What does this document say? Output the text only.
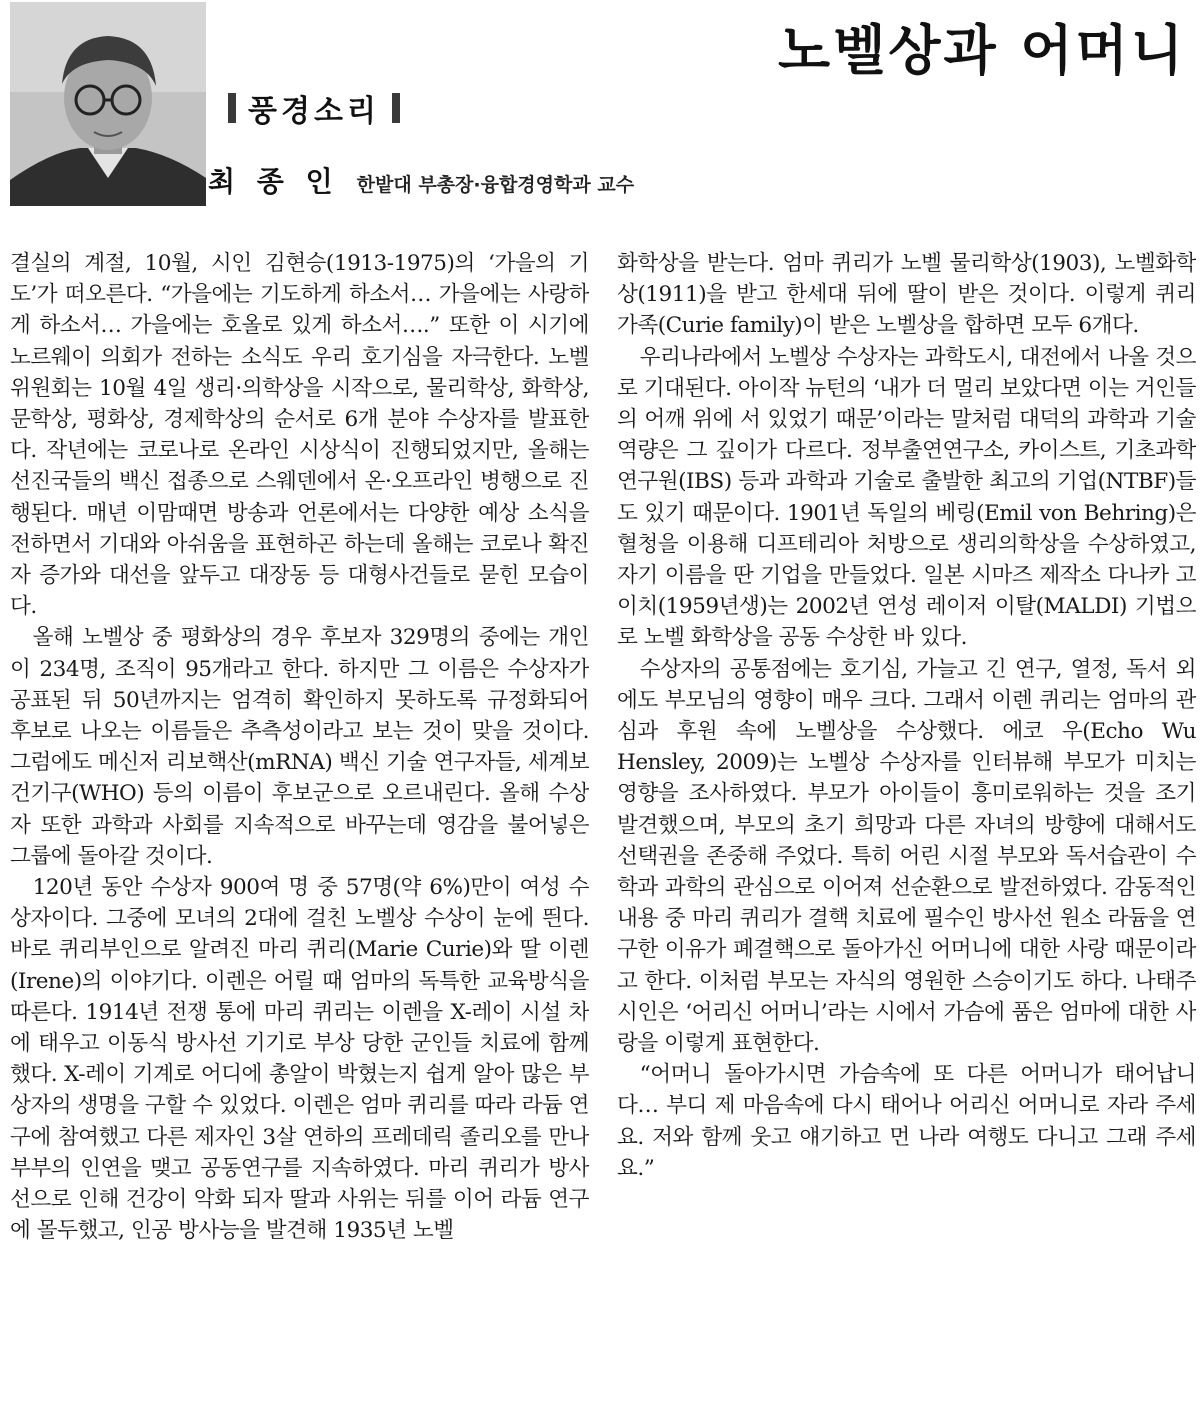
풍경소리
노벨상과 어머니
최 종 인 한밭대 부총장·융합경영학과 교수

결실의 계절, 10월, 시인 김현승(1913-1975)의 ‘가을의 기도’가 떠오른다. “가을에는 기도하게 하소서… 가을에는 사랑하게 하소서… 가을에는 호올로 있게 하소서….” 또한 이 시기에 노르웨이 의회가 전하는 소식도 우리 호기심을 자극한다. 노벨 위원회는 10월 4일 생리·의학상을 시작으로, 물리학상, 화학상, 문학상, 평화상, 경제학상의 순서로 6개 분야 수상자를 발표한다. 작년에는 코로나로 온라인 시상식이 진행되었지만, 올해는 선진국들의 백신 접종으로 스웨덴에서 온·오프라인 병행으로 진행된다. 매년 이맘때면 방송과 언론에서는 다양한 예상 소식을 전하면서 기대와 아쉬움을 표현하곤 하는데 올해는 코로나 확진자 증가와 대선을 앞두고 대장동 등 대형사건들로 묻힌 모습이다.

올해 노벨상 중 평화상의 경우 후보자 329명의 중에는 개인이 234명, 조직이 95개라고 한다. 하지만 그 이름은 수상자가 공표된 뒤 50년까지는 엄격히 확인하지 못하도록 규정화되어 후보로 나오는 이름들은 추측성이라고 보는 것이 맞을 것이다. 그럼에도 메신저 리보핵산(mRNA) 백신 기술 연구자들, 세계보건기구(WHO) 등의 이름이 후보군으로 오르내린다. 올해 수상자 또한 과학과 사회를 지속적으로 바꾸는데 영감을 불어넣은 그룹에 돌아갈 것이다.

120년 동안 수상자 900여 명 중 57명(약 6%)만이 여성 수상자이다. 그중에 모녀의 2대에 걸친 노벨상 수상이 눈에 띈다. 바로 퀴리부인으로 알려진 마리 퀴리(Marie Curie)와 딸 이렌(Irene)의 이야기다. 이렌은 어릴 때 엄마의 독특한 교육방식을 따른다. 1914년 전쟁 통에 마리 퀴리는 이렌을 X-레이 시설 차에 태우고 이동식 방사선 기기로 부상 당한 군인들 치료에 함께했다. X-레이 기계로 어디에 총알이 박혔는지 쉽게 알아 많은 부상자의 생명을 구할 수 있었다. 이렌은 엄마 퀴리를 따라 라듐 연구에 참여했고 다른 제자인 3살 연하의 프레데릭 졸리오를 만나 부부의 인연을 맺고 공동연구를 지속하였다. 마리 퀴리가 방사선으로 인해 건강이 악화 되자 딸과 사위는 뒤를 이어 라듐 연구에 몰두했고, 인공 방사능을 발견해 1935년 노벨

화학상을 받는다. 엄마 퀴리가 노벨 물리학상(1903), 노벨화학상(1911)을 받고 한세대 뒤에 딸이 받은 것이다. 이렇게 퀴리 가족(Curie family)이 받은 노벨상을 합하면 모두 6개다.

우리나라에서 노벨상 수상자는 과학도시, 대전에서 나올 것으로 기대된다. 아이작 뉴턴의 ‘내가 더 멀리 보았다면 이는 거인들의 어깨 위에 서 있었기 때문’이라는 말처럼 대덕의 과학과 기술 역량은 그 깊이가 다르다. 정부출연연구소, 카이스트, 기초과학연구원(IBS) 등과 과학과 기술로 출발한 최고의 기업(NTBF)들도 있기 때문이다. 1901년 독일의 베링(Emil von Behring)은 혈청을 이용해 디프테리아 처방으로 생리의학상을 수상하였고, 자기 이름을 딴 기업을 만들었다. 일본 시마즈 제작소 다나카 고이치(1959년생)는 2002년 연성 레이저 이탈(MALDI) 기법으로 노벨 화학상을 공동 수상한 바 있다.

수상자의 공통점에는 호기심, 가늘고 긴 연구, 열정, 독서 외에도 부모님의 영향이 매우 크다. 그래서 이렌 퀴리는 엄마의 관심과 후원 속에 노벨상을 수상했다. 에코 우(Echo Wu Hensley, 2009)는 노벨상 수상자를 인터뷰해 부모가 미치는 영향을 조사하였다. 부모가 아이들이 흥미로워하는 것을 조기 발견했으며, 부모의 초기 희망과 다른 자녀의 방향에 대해서도 선택권을 존중해 주었다. 특히 어린 시절 부모와 독서습관이 수학과 과학의 관심으로 이어져 선순환으로 발전하였다. 감동적인 내용 중 마리 퀴리가 결핵 치료에 필수인 방사선 원소 라듐을 연구한 이유가 폐결핵으로 돌아가신 어머니에 대한 사랑 때문이라고 한다. 이처럼 부모는 자식의 영원한 스승이기도 하다. 나태주 시인은 ‘어리신 어머니’라는 시에서 가슴에 품은 엄마에 대한 사랑을 이렇게 표현한다.

“어머니 돌아가시면 가슴속에 또 다른 어머니가 태어납니다… 부디 제 마음속에 다시 태어나 어리신 어머니로 자라 주세요. 저와 함께 웃고 얘기하고 먼 나라 여행도 다니고 그래 주세요.”
